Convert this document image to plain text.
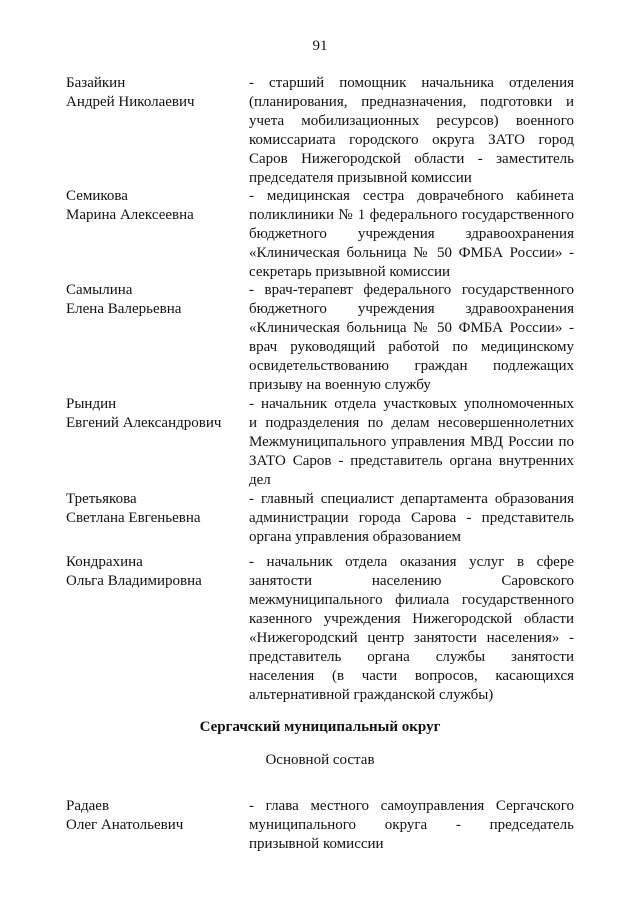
91
Базайкин
Андрей Николаевич
- старший помощник начальника отделения
(планирования, предназначения, подготовки и
учета мобилизационных ресурсов) военного
комиссариата городского округа ЗАТО город
Саров Нижегородской области - заместитель
председателя призывной комиссии
Семикова
Марина Алексеевна
- медицинская сестра доврачебного кабинета
поликлиники № 1 федерального государственного
бюджетного учреждения здравоохранения
«Клиническая больница № 50 ФМБА России» -
секретарь призывной комиссии
Самылина
Елена Валерьевна
- врач-терапевт федерального государственного
бюджетного учреждения здравоохранения
«Клиническая больница № 50 ФМБА России» -
врач руководящий работой по медицинскому
освидетельствованию граждан подлежащих
призыву на военную службу
Рындин
Евгений Александрович
- начальник отдела участковых уполномоченных
и подразделения по делам несовершеннолетних
Межмуниципального управления МВД России по
ЗАТО Саров - представитель органа внутренних
дел
Третьякова
Светлана Евгеньевна
- главный специалист департамента образования
администрации города Сарова - представитель
органа управления образованием
Кондрахина
Ольга Владимировна
- начальник отдела оказания услуг в сфере
занятости населению Саровского
межмуниципального филиала государственного
казенного учреждения Нижегородской области
«Нижегородский центр занятости населения» -
представитель органа службы занятости
населения (в части вопросов, касающихся
альтернативной гражданской службы)
Сергачский муниципальный округ
Основной состав
Радаев
Олег Анатольевич
- глава местного самоуправления Сергачского
муниципального округа - председатель
призывной комиссии
